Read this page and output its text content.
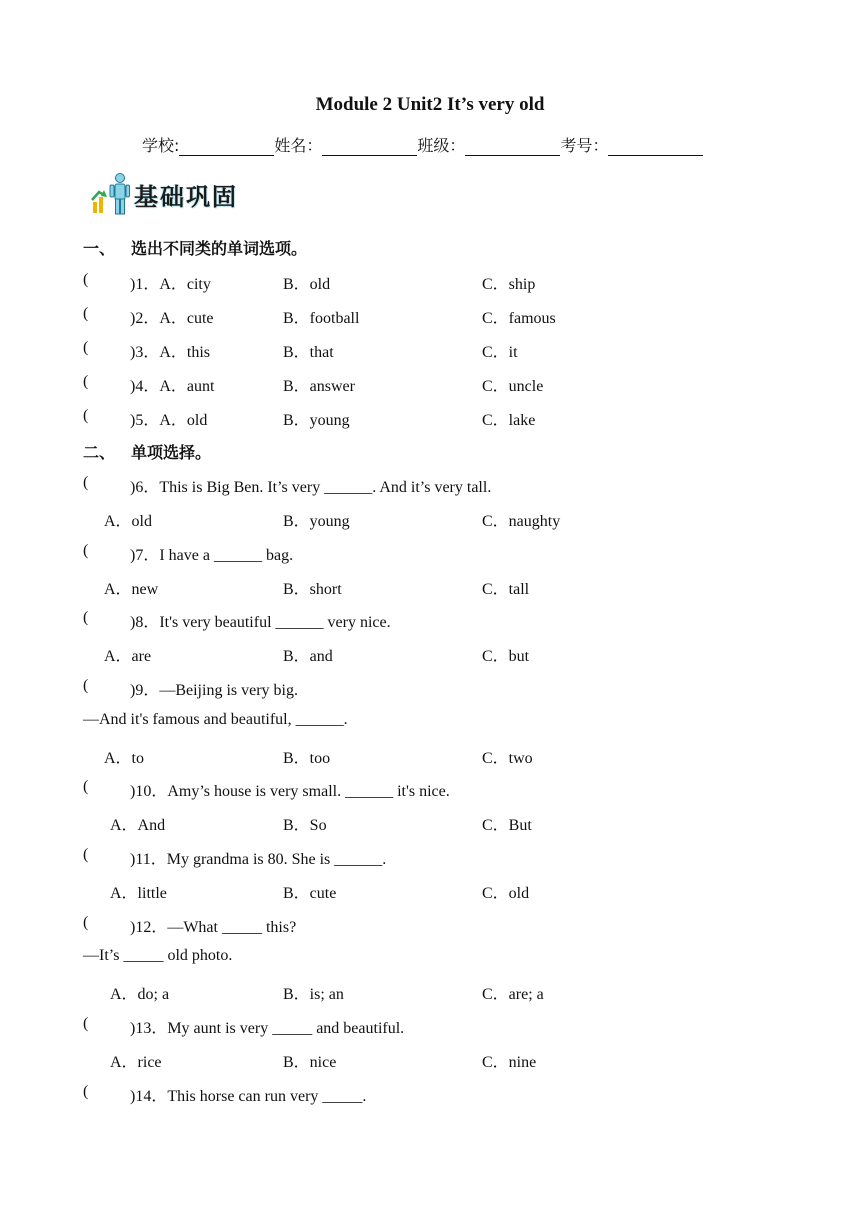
Module 2 Unit2 It’s very old
学校:	姓名：	班级：	考号：
基础巩固
一、 选出不同类的单词选项。
(	)1．A．city	B．old	C．ship
(	)2．A．cute	B．football	C．famous
(	)3．A．this	B．that	C．it
(	)4．A．aunt	B．answer	C．uncle
(	)5．A．old	B．young	C．lake
二、 单项选择。
(	)6．This is Big Ben. It’s very ______. And it’s very tall.
A．old	B．young	C．naughty
(	)7．I have a ______ bag.
A．new	B．short	C．tall
(	)8．It's very beautiful ______ very nice.
A．are	B．and	C．but
(	)9．—Beijing is very big.
—And it's famous and beautiful, ______.
A．to	B．too	C．two
(	)10．Amy’s house is very small. ______ it's nice.
A．And	B．So	C．But
(	)11．My grandma is 80. She is ______.
A．little	B．cute	C．old
(	)12．—What _____ this?
—It’s _____ old photo.
A．do; a	B．is; an	C．are; a
(	)13．My aunt is very _____ and beautiful.
A．rice	B．nice	C．nine
(	)14．This horse can run very _____.
